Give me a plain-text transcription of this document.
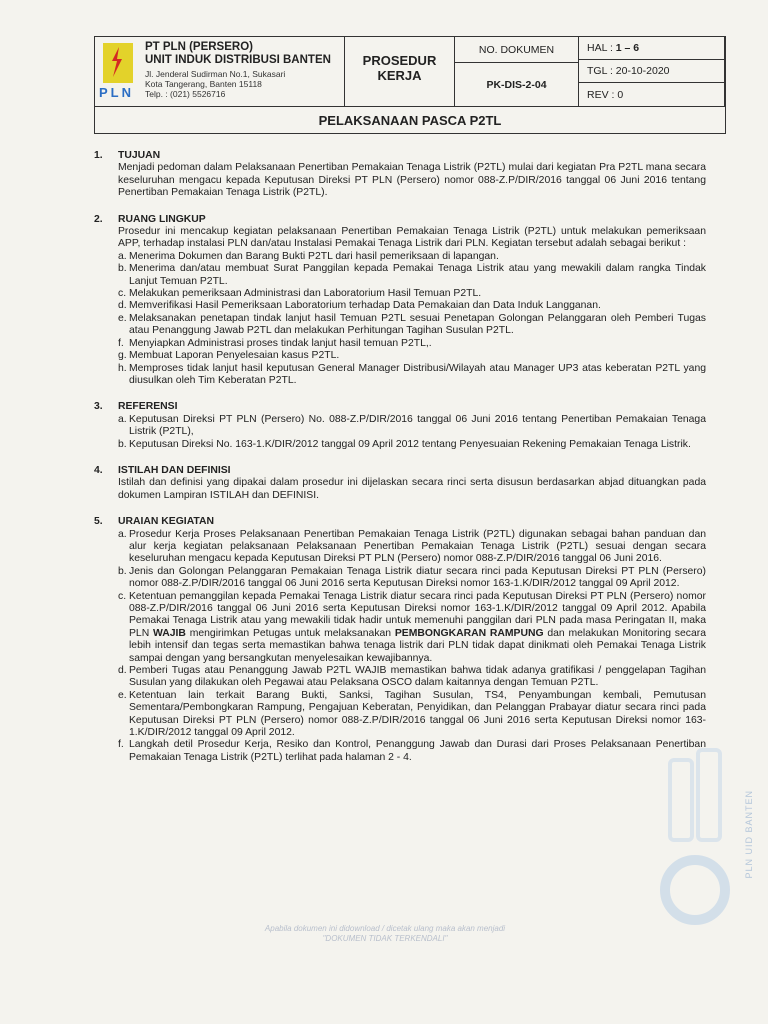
PLN
PT PLN (PERSERO)
UNIT INDUK DISTRIBUSI BANTEN
Jl. Jenderal Sudirman No.1, Sukasari
Kota Tangerang, Banten 15118
Telp. : (021) 5526716
PROSEDUR
KERJA
NO. DOKUMEN
PK-DIS-2-04
HAL : 1 – 6
TGL : 20-10-2020
REV : 0
PELAKSANAAN PASCA P2TL
1.	TUJUAN
Menjadi pedoman dalam Pelaksanaan Penertiban Pemakaian Tenaga Listrik (P2TL) mulai dari kegiatan Pra P2TL mana secara keseluruhan mengacu kepada Keputusan Direksi PT PLN (Persero) nomor 088-Z.P/DIR/2016 tanggal 06 Juni 2016 tentang Penertiban Pemakaian Tenaga Listrik (P2TL).
2.	RUANG LINGKUP
Prosedur ini mencakup kegiatan pelaksanaan Penertiban Pemakaian Tenaga Listrik (P2TL) untuk melakukan pemeriksaan APP, terhadap instalasi PLN dan/atau Instalasi Pemakai Tenaga Listrik dari PLN. Kegiatan tersebut adalah sebagai berikut :
a. Menerima Dokumen dan Barang Bukti P2TL dari hasil pemeriksaan di lapangan.
b. Menerima dan/atau membuat Surat Panggilan kepada Pemakai Tenaga Listrik atau yang mewakili dalam rangka Tindak Lanjut Temuan P2TL.
c. Melakukan pemeriksaan Administrasi dan Laboratorium Hasil Temuan P2TL.
d. Memverifikasi Hasil Pemeriksaan Laboratorium terhadap Data Pemakaian dan Data Induk Langganan.
e. Melaksanakan penetapan tindak lanjut hasil Temuan P2TL sesuai Penetapan Golongan Pelanggaran oleh Pemberi Tugas atau Penanggung Jawab P2TL dan melakukan Perhitungan Tagihan Susulan P2TL.
f. Menyiapkan Administrasi proses tindak lanjut hasil temuan P2TL,.
g. Membuat Laporan Penyelesaian kasus P2TL.
h. Memproses tidak lanjut hasil keputusan General Manager Distribusi/Wilayah atau Manager UP3 atas keberatan P2TL yang diusulkan oleh Tim Keberatan P2TL.
3.	REFERENSI
a. Keputusan Direksi PT PLN (Persero) No. 088-Z.P/DIR/2016 tanggal 06 Juni 2016 tentang Penertiban Pemakaian Tenaga Listrik (P2TL),
b. Keputusan Direksi No. 163-1.K/DIR/2012 tanggal 09 April 2012 tentang Penyesuaian Rekening Pemakaian Tenaga Listrik.
4.	ISTILAH DAN DEFINISI
Istilah dan definisi yang dipakai dalam prosedur ini dijelaskan secara rinci serta disusun berdasarkan abjad dituangkan pada dokumen Lampiran ISTILAH dan DEFINISI.
5.	URAIAN KEGIATAN
a. Prosedur Kerja Proses Pelaksanaan Penertiban Pemakaian Tenaga Listrik (P2TL) digunakan sebagai bahan panduan dan alur kerja kegiatan pelaksanaan Pelaksanaan Penertiban Pemakaian Tenaga Listrik (P2TL) sesuai dengan secara keseluruhan mengacu kepada Keputusan Direksi PT PLN (Persero) nomor 088-Z.P/DIR/2016 tanggal 06 Juni 2016.
b. Jenis dan Golongan Pelanggaran Pemakaian Tenaga Listrik diatur secara rinci pada Keputusan Direksi PT PLN (Persero) nomor 088-Z.P/DIR/2016 tanggal 06 Juni 2016 serta Keputusan Direksi nomor 163-1.K/DIR/2012 tanggal 09 April 2012.
c. Ketentuan pemanggilan kepada Pemakai Tenaga Listrik diatur secara rinci pada Keputusan Direksi PT PLN (Persero) nomor 088-Z.P/DIR/2016 tanggal 06 Juni 2016 serta Keputusan Direksi nomor 163-1.K/DIR/2012 tanggal 09 April 2012. Apabila Pemakai Tenaga Listrik atau yang mewakili tidak hadir untuk memenuhi panggilan dari PLN pada masa Peringatan II, maka PLN WAJIB mengirimkan Petugas untuk melaksanakan PEMBONGKARAN RAMPUNG dan melakukan Monitoring secara lebih intensif dan tegas serta memastikan bahwa tenaga listrik dari PLN tidak dapat dinikmati oleh Pemakai Tenaga Listrik sampai dengan yang bersangkutan menyelesaikan kewajibannya.
d. Pemberi Tugas atau Penanggung Jawab P2TL WAJIB memastikan bahwa tidak adanya gratifikasi / penggelapan Tagihan Susulan yang dilakukan oleh Pegawai atau Pelaksana OSCO dalam kaitannya dengan Temuan P2TL.
e. Ketentuan lain terkait Barang Bukti, Sanksi, Tagihan Susulan, TS4, Penyambungan kembali, Pemutusan Sementara/Pembongkaran Rampung, Pengajuan Keberatan, Penyidikan, dan Pelanggan Prabayar diatur secara rinci pada Keputusan Direksi PT PLN (Persero) nomor 088-Z.P/DIR/2016 tanggal 06 Juni 2016 serta Keputusan Direksi nomor 163-1.K/DIR/2012 tanggal 09 April 2012.
f. Langkah detil Prosedur Kerja, Resiko dan Kontrol, Penanggung Jawab dan Durasi dari Proses Pelaksanaan Penertiban Pemakaian Tenaga Listrik (P2TL) terlihat pada halaman 2 - 4.
PLN UID BANTEN
Apabila dokumen ini didownload / dicetak ulang maka akan menjadi
"DOKUMEN TIDAK TERKENDALI"
